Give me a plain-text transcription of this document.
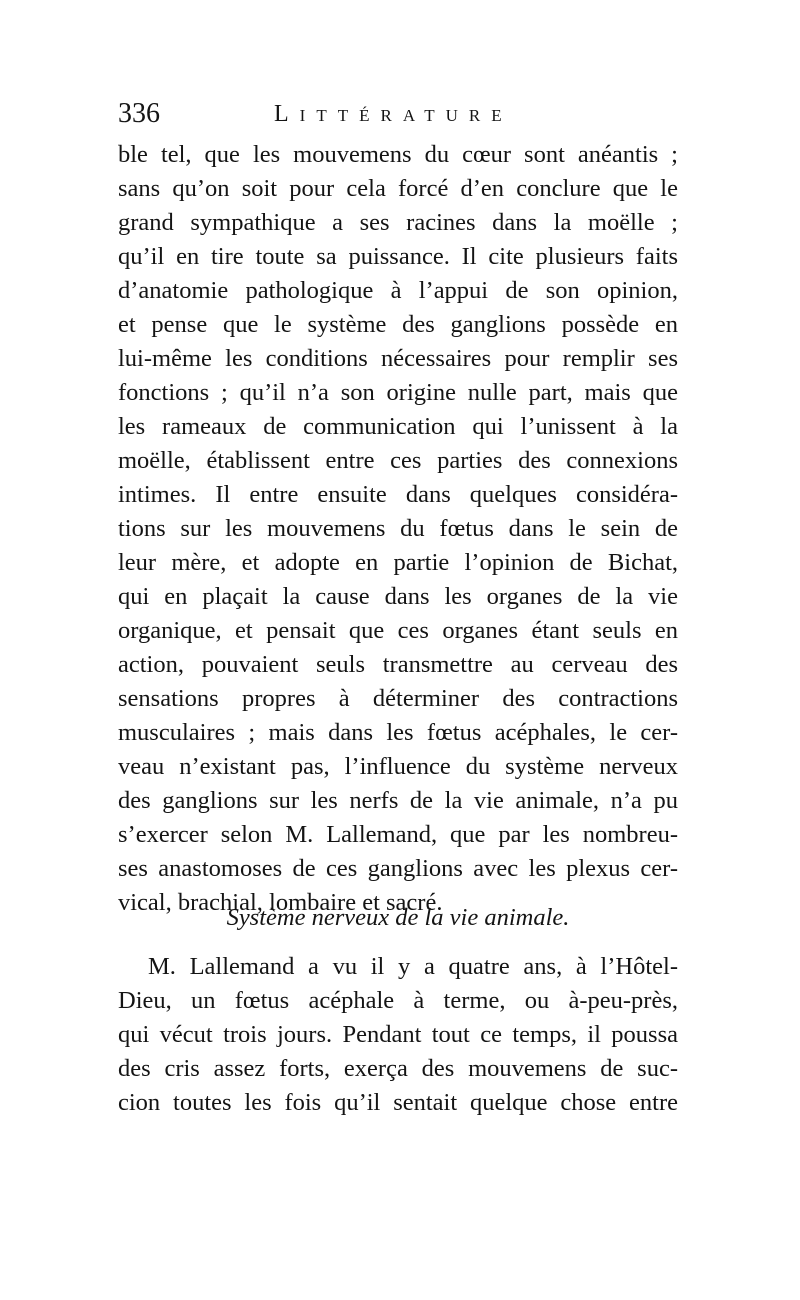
336	Littérature
ble tel, que les mouvemens du cœur sont anéantis ;
sans qu’on soit pour cela forcé d’en conclure que le
grand sympathique a ses racines dans la moëlle ;
qu’il en tire toute sa puissance. Il cite plusieurs faits
d’anatomie pathologique à l’appui de son opinion,
et pense que le système des ganglions possède en
lui-même les conditions nécessaires pour remplir ses
fonctions ; qu’il n’a son origine nulle part, mais que
les rameaux de communication qui l’unissent à la
moëlle, établissent entre ces parties des connexions
intimes. Il entre ensuite dans quelques considéra-
tions sur les mouvemens du fœtus dans le sein de
leur mère, et adopte en partie l’opinion de Bichat,
qui en plaçait la cause dans les organes de la vie
organique, et pensait que ces organes étant seuls en
action, pouvaient seuls transmettre au cerveau des
sensations propres à déterminer des contractions
musculaires ; mais dans les fœtus acéphales, le cer-
veau n’existant pas, l’influence du système nerveux
des ganglions sur les nerfs de la vie animale, n’a pu
s’exercer selon M. Lallemand, que par les nombreu-
ses anastomoses de ces ganglions avec les plexus cer-
vical, brachial, lombaire et sacré.
Système nerveux de la vie animale.
M. Lallemand a vu il y a quatre ans, à l’Hôtel-
Dieu, un fœtus acéphale à terme, ou à-peu-près,
qui vécut trois jours. Pendant tout ce temps, il poussa
des cris assez forts, exerça des mouvemens de suc-
cion toutes les fois qu’il sentait quelque chose entre
